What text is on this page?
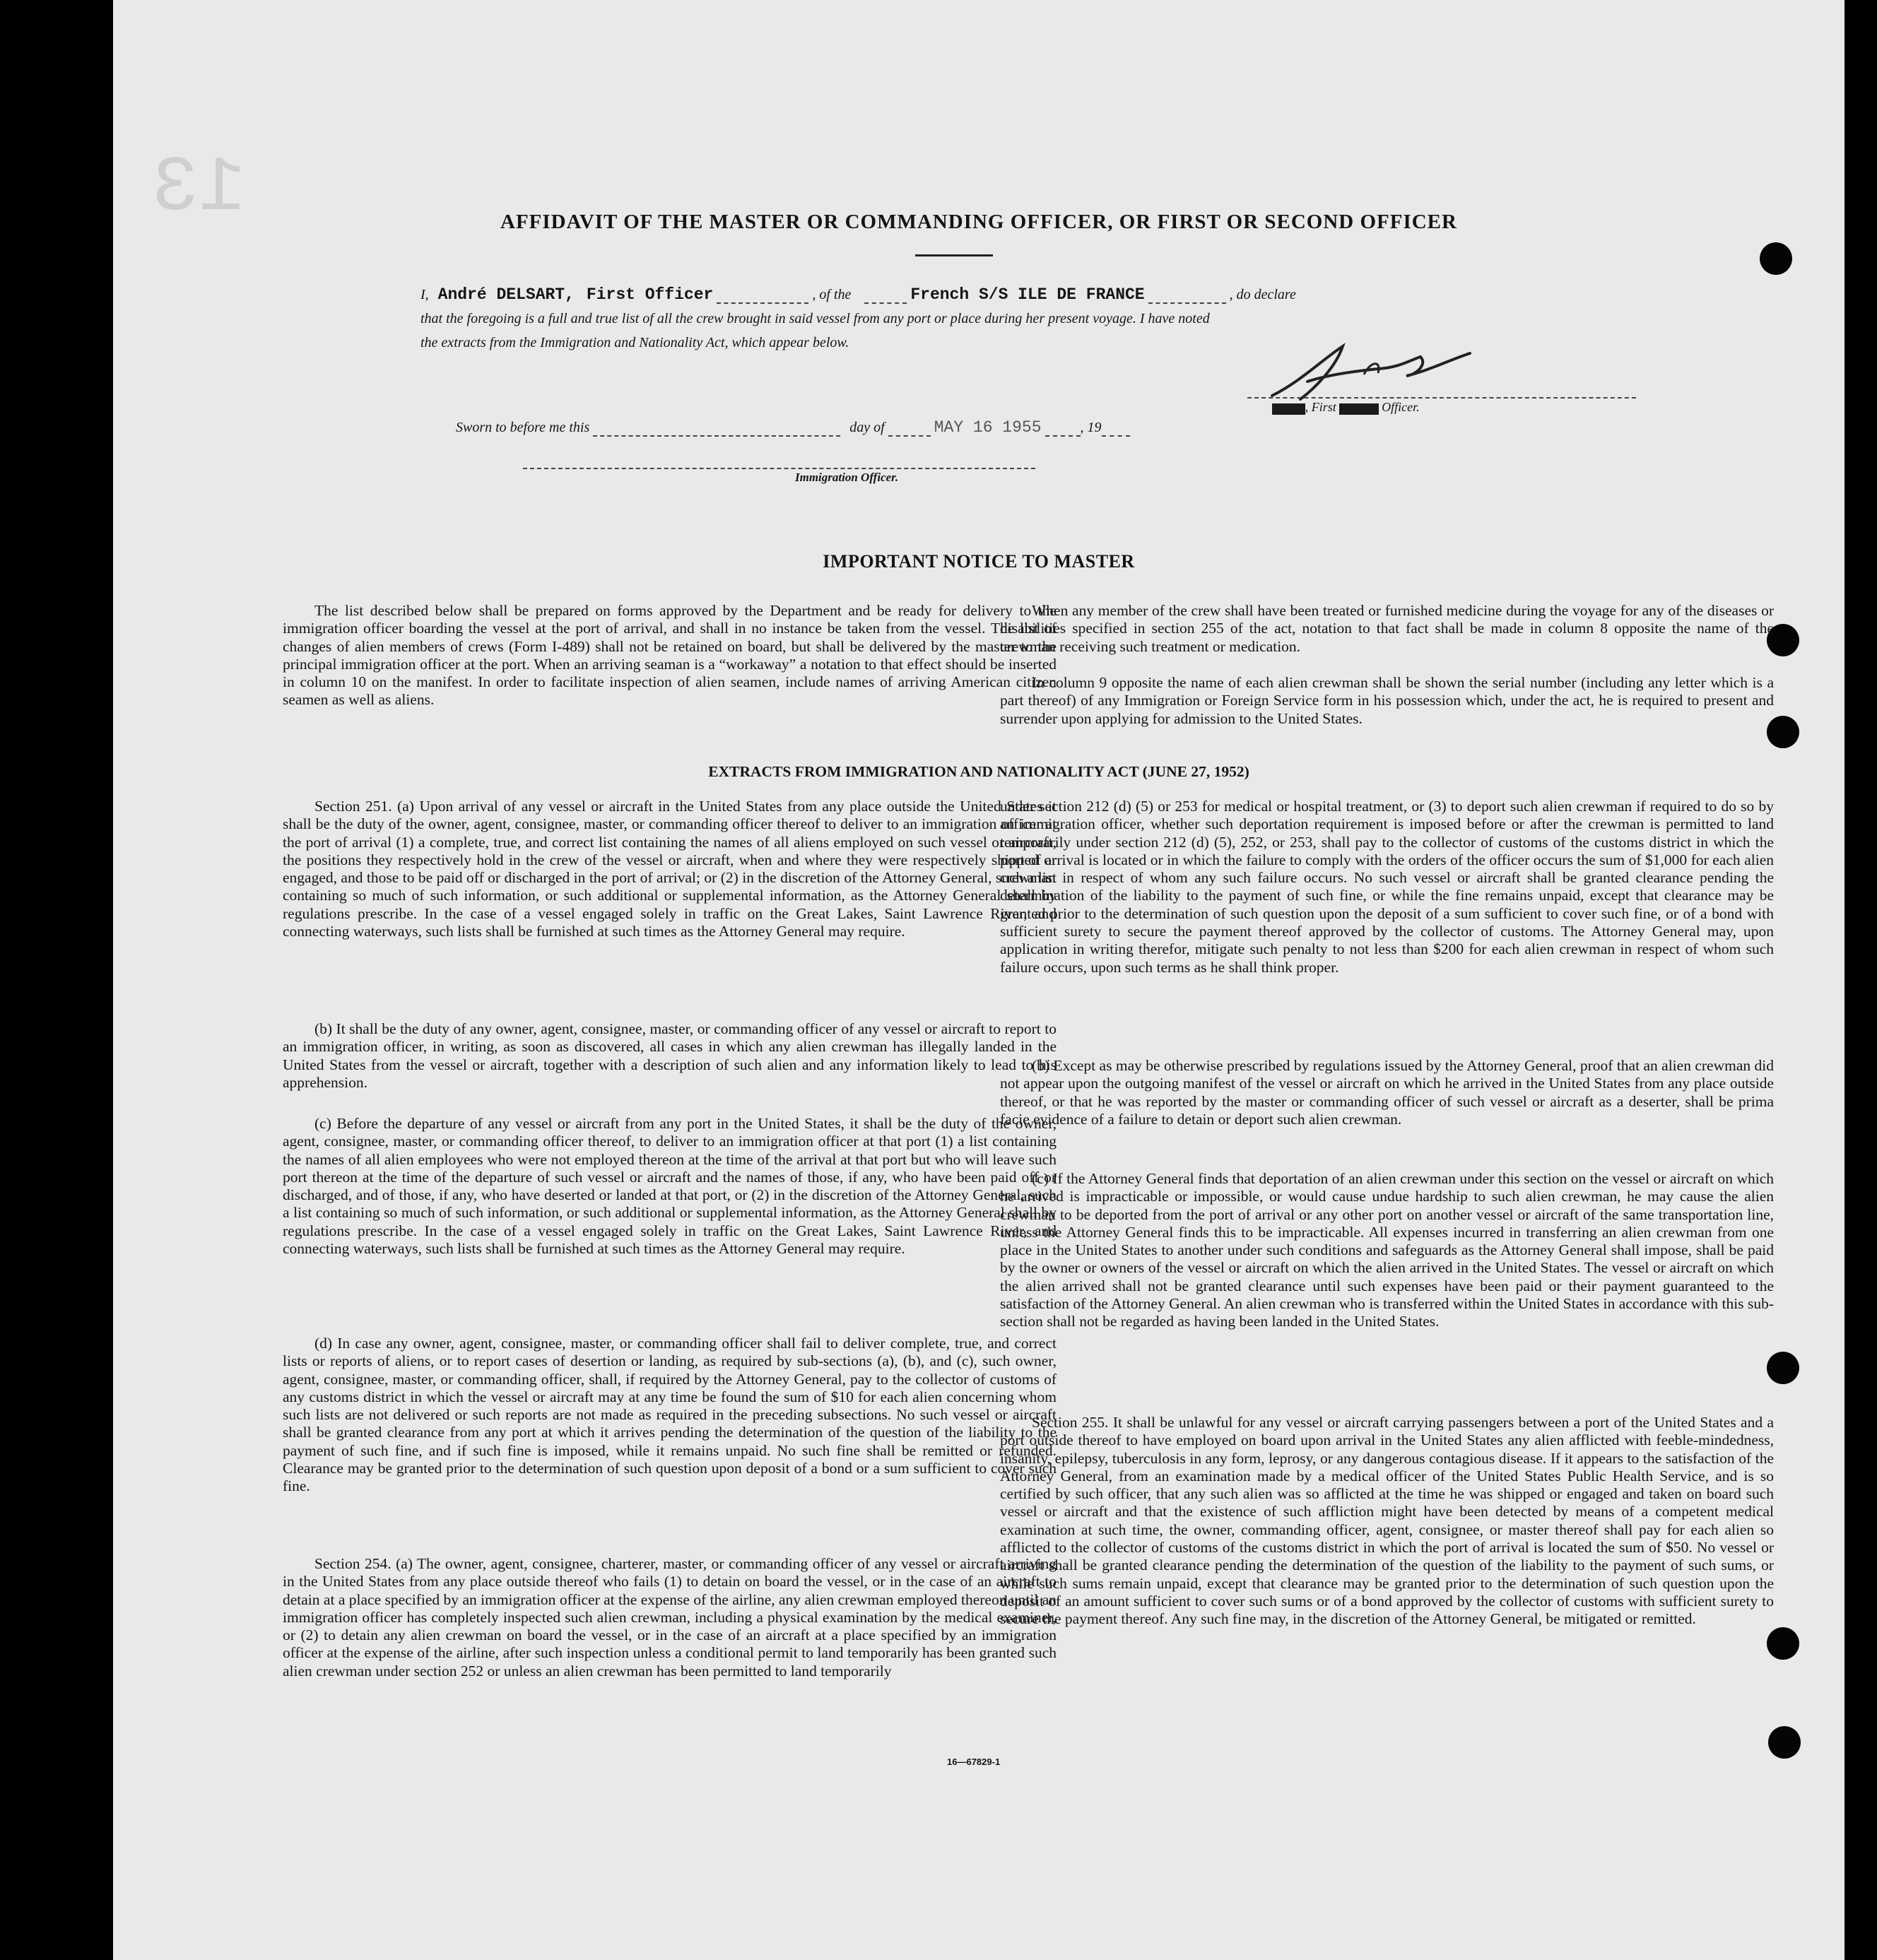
13	AFFIDAVIT OF THE MASTER OR COMMANDING OFFICER, OR FIRST OR SECOND OFFICER
I, André DELSART, First Officer	, of the	French S/S ILE DE FRANCE	, do declare
that the foregoing is a full and true list of all the crew brought in said vessel from any port or place during her present voyage. I have noted
the extracts from the Immigration and Nationality Act, which appear below.
XXXXX , First XXXXXX Officer.
Sworn to before me this	day of	MAY 16 1955	, 19
Immigration Officer.
IMPORTANT NOTICE TO MASTER
The list described below shall be prepared on forms approved by the Department and be ready for delivery to the immigration officer boarding the vessel at the port of arrival, and shall in no instance be taken from the vessel. The list of changes of alien members of crews (Form I-489) shall not be retained on board, but shall be delivered by the master to the principal immigration officer at the port. When an arriving seaman is a “workaway” a notation to that effect should be inserted in column 10 on the manifest. In order to facilitate inspection of alien seamen, include names of arriving American citizen seamen as well as aliens.
When any member of the crew shall have been treated or furnished medicine during the voyage for any of the diseases or disabilities specified in section 255 of the act, notation to that fact shall be made in column 8 opposite the name of the crewman receiving such treatment or medication.
In column 9 opposite the name of each alien crewman shall be shown the serial number (including any letter which is a part thereof) of any Immigration or Foreign Service form in his possession which, under the act, he is required to present and surrender upon applying for admission to the United States.
EXTRACTS FROM IMMIGRATION AND NATIONALITY ACT (JUNE 27, 1952)
Section 251. (a) Upon arrival of any vessel or aircraft in the United States from any place outside the United States it shall be the duty of the owner, agent, consignee, master, or commanding officer thereof to deliver to an immigration officer at the port of arrival (1) a complete, true, and correct list containing the names of all aliens employed on such vessel or aircraft, the positions they respectively hold in the crew of the vessel or aircraft, when and where they were respectively shipped or engaged, and those to be paid off or discharged in the port of arrival; or (2) in the discretion of the Attorney General, such a list containing so much of such information, or such additional or supplemental information, as the Attorney General shall by regulations prescribe. In the case of a vessel engaged solely in traffic on the Great Lakes, Saint Lawrence River, and connecting waterways, such lists shall be furnished at such times as the Attorney General may require.
(b) It shall be the duty of any owner, agent, consignee, master, or commanding officer of any vessel or aircraft to report to an immigration officer, in writing, as soon as discovered, all cases in which any alien crewman has illegally landed in the United States from the vessel or aircraft, together with a description of such alien and any information likely to lead to his apprehension.
(c) Before the departure of any vessel or aircraft from any port in the United States, it shall be the duty of the owner, agent, consignee, master, or commanding officer thereof, to deliver to an immigration officer at that port (1) a list containing the names of all alien employees who were not employed thereon at the time of the arrival at that port but who will leave such port thereon at the time of the departure of such vessel or aircraft and the names of those, if any, who have been paid off or discharged, and of those, if any, who have deserted or landed at that port, or (2) in the discretion of the Attorney General, such a list containing so much of such information, or such additional or supplemental information, as the Attorney General shall by regulations prescribe. In the case of a vessel engaged solely in traffic on the Great Lakes, Saint Lawrence River, and connecting waterways, such lists shall be furnished at such times as the Attorney General may require.
(d) In case any owner, agent, consignee, master, or commanding officer shall fail to deliver complete, true, and correct lists or reports of aliens, or to report cases of desertion or landing, as required by sub-sections (a), (b), and (c), such owner, agent, consignee, master, or commanding officer, shall, if required by the Attorney General, pay to the collector of customs of any customs district in which the vessel or aircraft may at any time be found the sum of $10 for each alien concerning whom such lists are not delivered or such reports are not made as required in the preceding subsections. No such vessel or aircraft shall be granted clearance from any port at which it arrives pending the determination of the question of the liability to the payment of such fine, and if such fine is imposed, while it remains unpaid. No such fine shall be remitted or refunded. Clearance may be granted prior to the determination of such question upon deposit of a bond or a sum sufficient to cover such fine.
Section 254. (a) The owner, agent, consignee, charterer, master, or commanding officer of any vessel or aircraft arriving in the United States from any place outside thereof who fails (1) to detain on board the vessel, or in the case of an aircraft to detain at a place specified by an immigration officer at the expense of the airline, any alien crewman employed thereon until an immigration officer has completely inspected such alien crewman, including a physical examination by the medical examiner, or (2) to detain any alien crewman on board the vessel, or in the case of an aircraft at a place specified by an immigration officer at the expense of the airline, after such inspection unless a conditional permit to land temporarily has been granted such alien crewman under section 252 or unless an alien crewman has been permitted to land temporarily
under section 212 (d) (5) or 253 for medical or hospital treatment, or (3) to deport such alien crewman if required to do so by an immigration officer, whether such deportation requirement is imposed before or after the crewman is permitted to land temporarily under section 212 (d) (5), 252, or 253, shall pay to the collector of customs of the customs district in which the port of arrival is located or in which the failure to comply with the orders of the officer occurs the sum of $1,000 for each alien crewman in respect of whom any such failure occurs. No such vessel or aircraft shall be granted clearance pending the determination of the liability to the payment of such fine, or while the fine remains unpaid, except that clearance may be granted prior to the determination of such question upon the deposit of a sum sufficient to cover such fine, or of a bond with sufficient surety to secure the payment thereof approved by the collector of customs. The Attorney General may, upon application in writing therefor, mitigate such penalty to not less than $200 for each alien crewman in respect of whom such failure occurs, upon such terms as he shall think proper.
(b) Except as may be otherwise prescribed by regulations issued by the Attorney General, proof that an alien crewman did not appear upon the outgoing manifest of the vessel or aircraft on which he arrived in the United States from any place outside thereof, or that he was reported by the master or commanding officer of such vessel or aircraft as a deserter, shall be prima facie evidence of a failure to detain or deport such alien crewman.
(c) If the Attorney General finds that deportation of an alien crewman under this section on the vessel or aircraft on which he arrived is impracticable or impossible, or would cause undue hardship to such alien crewman, he may cause the alien crewman to be deported from the port of arrival or any other port on another vessel or aircraft of the same transportation line, unless the Attorney General finds this to be impracticable. All expenses incurred in transferring an alien crewman from one place in the United States to another under such conditions and safeguards as the Attorney General shall impose, shall be paid by the owner or owners of the vessel or aircraft on which the alien arrived in the United States. The vessel or aircraft on which the alien arrived shall not be granted clearance until such expenses have been paid or their payment guaranteed to the satisfaction of the Attorney General. An alien crewman who is transferred within the United States in accordance with this sub-section shall not be regarded as having been landed in the United States.
Section 255. It shall be unlawful for any vessel or aircraft carrying passengers between a port of the United States and a port outside thereof to have employed on board upon arrival in the United States any alien afflicted with feeble-mindedness, insanity, epilepsy, tuberculosis in any form, leprosy, or any dangerous contagious disease. If it appears to the satisfaction of the Attorney General, from an examination made by a medical officer of the United States Public Health Service, and is so certified by such officer, that any such alien was so afflicted at the time he was shipped or engaged and taken on board such vessel or aircraft and that the existence of such affliction might have been detected by means of a competent medical examination at such time, the owner, commanding officer, agent, consignee, or master thereof shall pay for each alien so afflicted to the collector of customs of the customs district in which the port of arrival is located the sum of $50. No vessel or aircraft shall be granted clearance pending the determination of the question of the liability to the payment of such sums, or while such sums remain unpaid, except that clearance may be granted prior to the determination of such question upon the deposit of an amount sufficient to cover such sums or of a bond approved by the collector of customs with sufficient surety to secure the payment thereof. Any such fine may, in the discretion of the Attorney General, be mitigated or remitted.
16—67829-1
